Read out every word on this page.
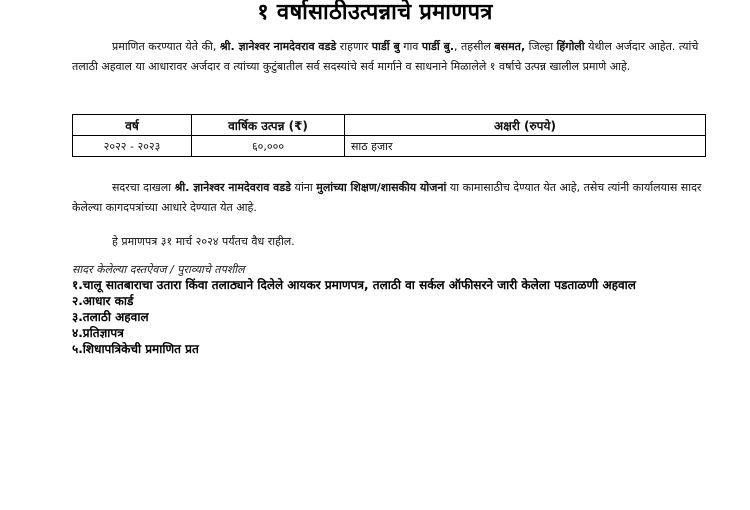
१ वर्षासाठीउत्पन्नाचे प्रमाणपत्र
प्रमाणित करण्यात येते की, श्री. ज्ञानेश्वर नामदेवराव वडडे राहणार पार्डी बु गाव पार्डी बु., तहसील बसमत, जिल्हा हिंगोली येथील अर्जदार आहेत. त्यांचे तलाठी अहवाल या आधारावर अर्जदार व त्यांच्या कुटुंबातील सर्व सदस्यांचे सर्व मार्गाने व साधनाने मिळालेले १ वर्षाचे उत्पन्न खालील प्रमाणे आहे.
वर्ष	वार्षिक उत्पन्न (₹)	अक्षरी (रुपये)
२०२२ - २०२३	६०,०००	साठ हजार
सदरचा दाखला श्री. ज्ञानेश्वर नामदेवराव वडडे यांना मुलांच्या शिक्षण/शासकीय योजनां या कामासाठीच देण्यात येत आहे, तसेच त्यांनी कार्यालयास सादर केलेल्या कागदपत्रांच्या आधारे देण्यात येत आहे.
हे प्रमाणपत्र ३१ मार्च २०२४ पर्यंतच वैध राहील.
सादर केलेल्या दस्तऐवज / पुराव्याचे तपशील
१.चालू सातबाराचा उतारा किंवा तलाठ्याने दिलेले आयकर प्रमाणपत्र, तलाठी वा सर्कल ऑफीसरने जारी केलेला पडताळणी अहवाल
२.आधार कार्ड
३.तलाठी अहवाल
४.प्रतिज्ञापत्र
५.शिधापत्रिकेची प्रमाणित प्रत
